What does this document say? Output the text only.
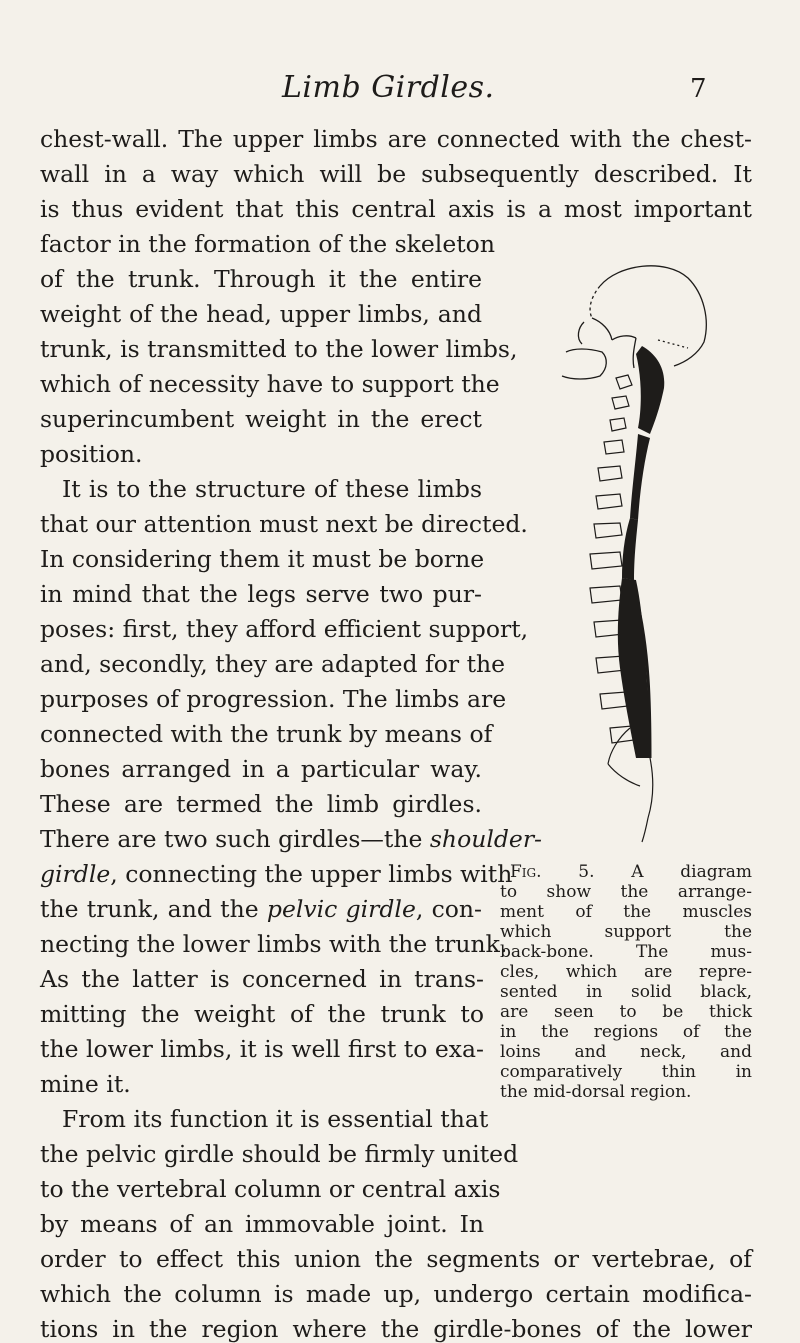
Limb Girdles.	7
chest-wall. The upper limbs are connected with the chest-
wall in a way which will be subsequently described. It
is thus evident that this central axis is a most important
factor in the formation of the skeleton
of the trunk. Through it the entire
weight of the head, upper limbs, and
trunk, is transmitted to the lower limbs,
which of necessity have to support the
superincumbent weight in the erect
position.
It is to the structure of these limbs
that our attention must next be directed.
In considering them it must be borne
in mind that the legs serve two pur-
poses: first, they afford efficient support,
and, secondly, they are adapted for the
purposes of progression. The limbs are
connected with the trunk by means of
bones arranged in a particular way.
These are termed the limb girdles.
There are two such girdles—the shoulder-
girdle, connecting the upper limbs with
the trunk, and the pelvic girdle, con-
necting the lower limbs with the trunk.
As the latter is concerned in trans-
mitting the weight of the trunk to
the lower limbs, it is well first to exa-
mine it.
From its function it is essential that
the pelvic girdle should be firmly united
to the vertebral column or central axis
by means of an immovable joint. In
order to effect this union the segments or vertebrae, of
which the column is made up, undergo certain modifica-
tions in the region where the girdle-bones of the lower
Fig. 5. A diagram
to show the arrange-
ment of the muscles
which support the
back-bone. The mus-
cles, which are repre-
sented in solid black,
are seen to be thick
in the regions of the
loins and neck, and
comparatively thin in
the mid-dorsal region.
